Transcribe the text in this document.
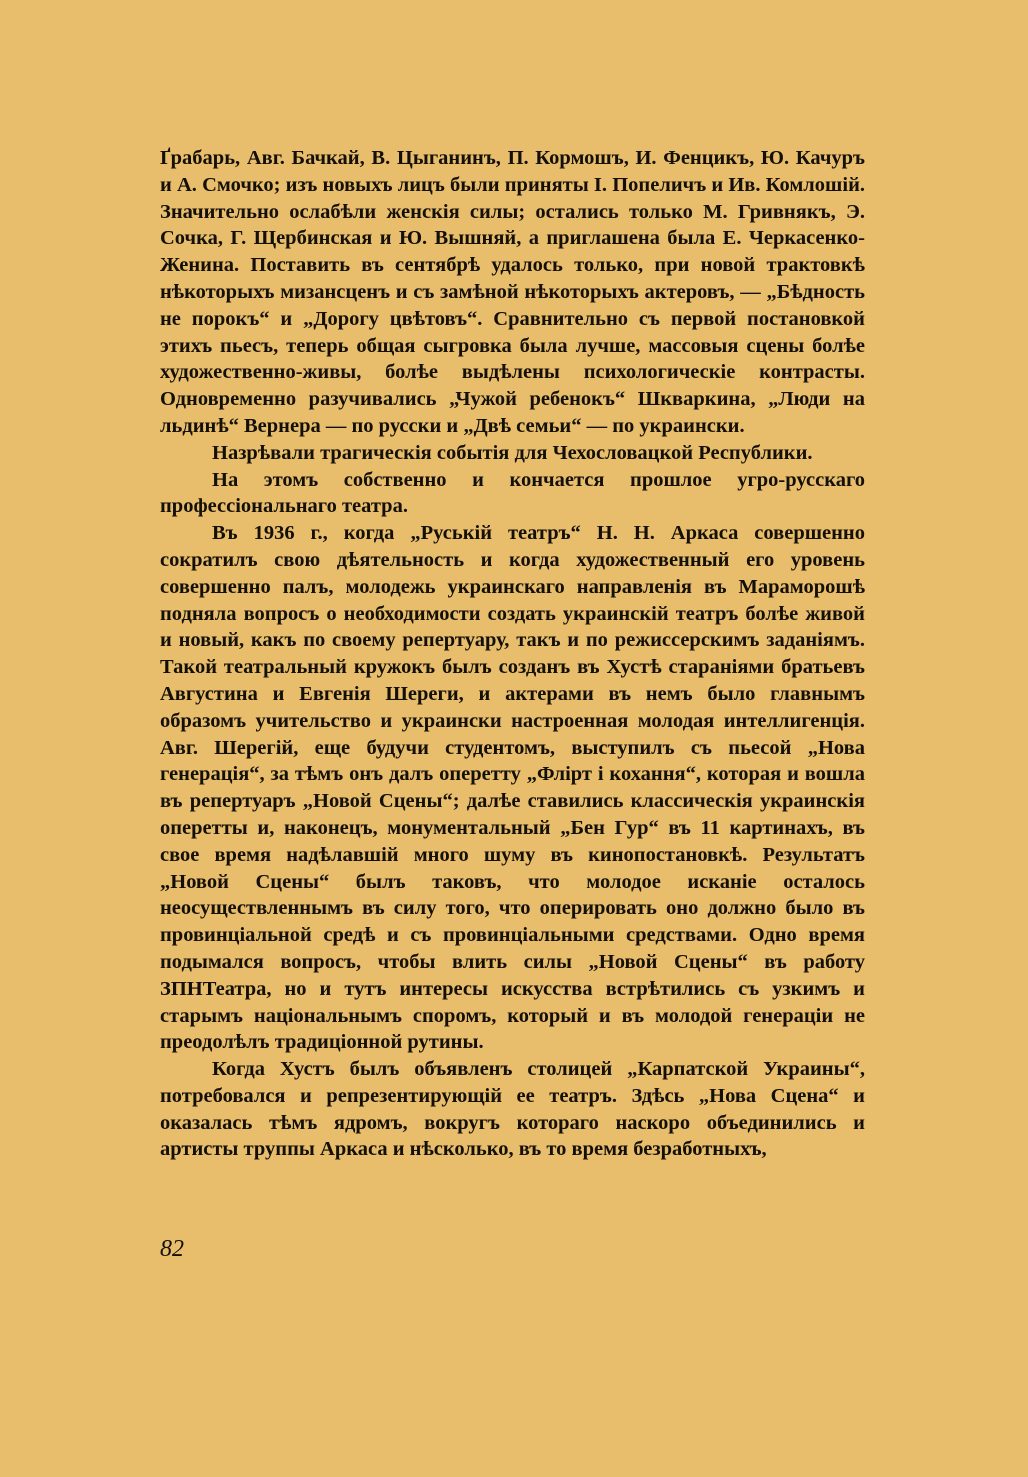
Ґрабарь, Авг. Бачкай, В. Цыганинъ, П. Кормошъ, И. Фенцикъ, Ю. Качуръ и А. Смочко; изъ новыхъ лицъ были приняты І. Попеличъ и Ив. Комлошій. Значительно ослабѣли женскія силы; остались только М. Гривнякъ, Э. Сочка, Г. Щербинская и Ю. Вышняй, а приглашена была Е. Черкасенко-Женина. Поставить въ сентябрѣ удалось только, при новой трактовкѣ нѣкоторыхъ мизансценъ и съ замѣной нѣкоторыхъ актеровъ, — „Бѣдность не порокъ“ и „Дорогу цвѣтовъ“. Сравнительно съ первой постановкой этихъ пьесъ, теперь общая сыгровка была лучше, массовыя сцены болѣе художественно-живы, болѣе выдѣлены психологическіе контрасты. Одновременно разучивались „Чужой ребенокъ“ Шкваркина, „Люди на льдинѣ“ Вернера — по русски и „Двѣ семьи“ — по украински.

Назрѣвали трагическія событія для Чехословацкой Республики.

На этомъ собственно и кончается прошлое угро-русскаго профессіональнаго театра.

Въ 1936 г., когда „Руській театръ“ Н. Н. Аркаса совершенно сократилъ свою дѣятельность и когда художественный его уровень совершенно палъ, молодежь украинскаго направленія въ Мараморошѣ подняла вопросъ о необходимости создать украинскій театръ болѣе живой и новый, какъ по своему репертуару, такъ и по режиссерскимъ заданіямъ. Такой театральный кружокъ былъ созданъ въ Хустѣ стараніями братьевъ Августина и Евгенія Шереги, и актерами въ немъ было главнымъ образомъ учительство и украински настроенная молодая интеллигенція. Авг. Шерегій, еще будучи студентомъ, выступилъ съ пьесой „Нова генерація“, за тѣмъ онъ далъ оперетту „Флірт і кохання“, которая и вошла въ репертуаръ „Новой Сцены“; далѣе ставились классическія украинскія оперетты и, наконецъ, монументальный „Бен Гур“ въ 11 картинахъ, въ свое время надѣлавшій много шуму въ кинопостановкѣ. Результатъ „Новой Сцены“ былъ таковъ, что молодое исканіе осталось неосуществленнымъ въ силу того, что оперировать оно должно было въ провинціальной средѣ и съ провинціальными средствами. Одно время подымался вопросъ, чтобы влить силы „Новой Сцены“ въ работу ЗПНТеатра, но и тутъ интересы искусства встрѣтились съ узкимъ и старымъ національнымъ споромъ, который и въ молодой генераціи не преодолѣлъ традиціонной рутины.

Когда Хустъ былъ объявленъ столицей „Карпатской Украины“, потребовался и репрезентирующій ее театръ. Здѣсь „Нова Сцена“ и оказалась тѣмъ ядромъ, вокругъ котораго наскоро объединились и артисты труппы Аркаса и нѣсколько, въ то время безработныхъ,

82
